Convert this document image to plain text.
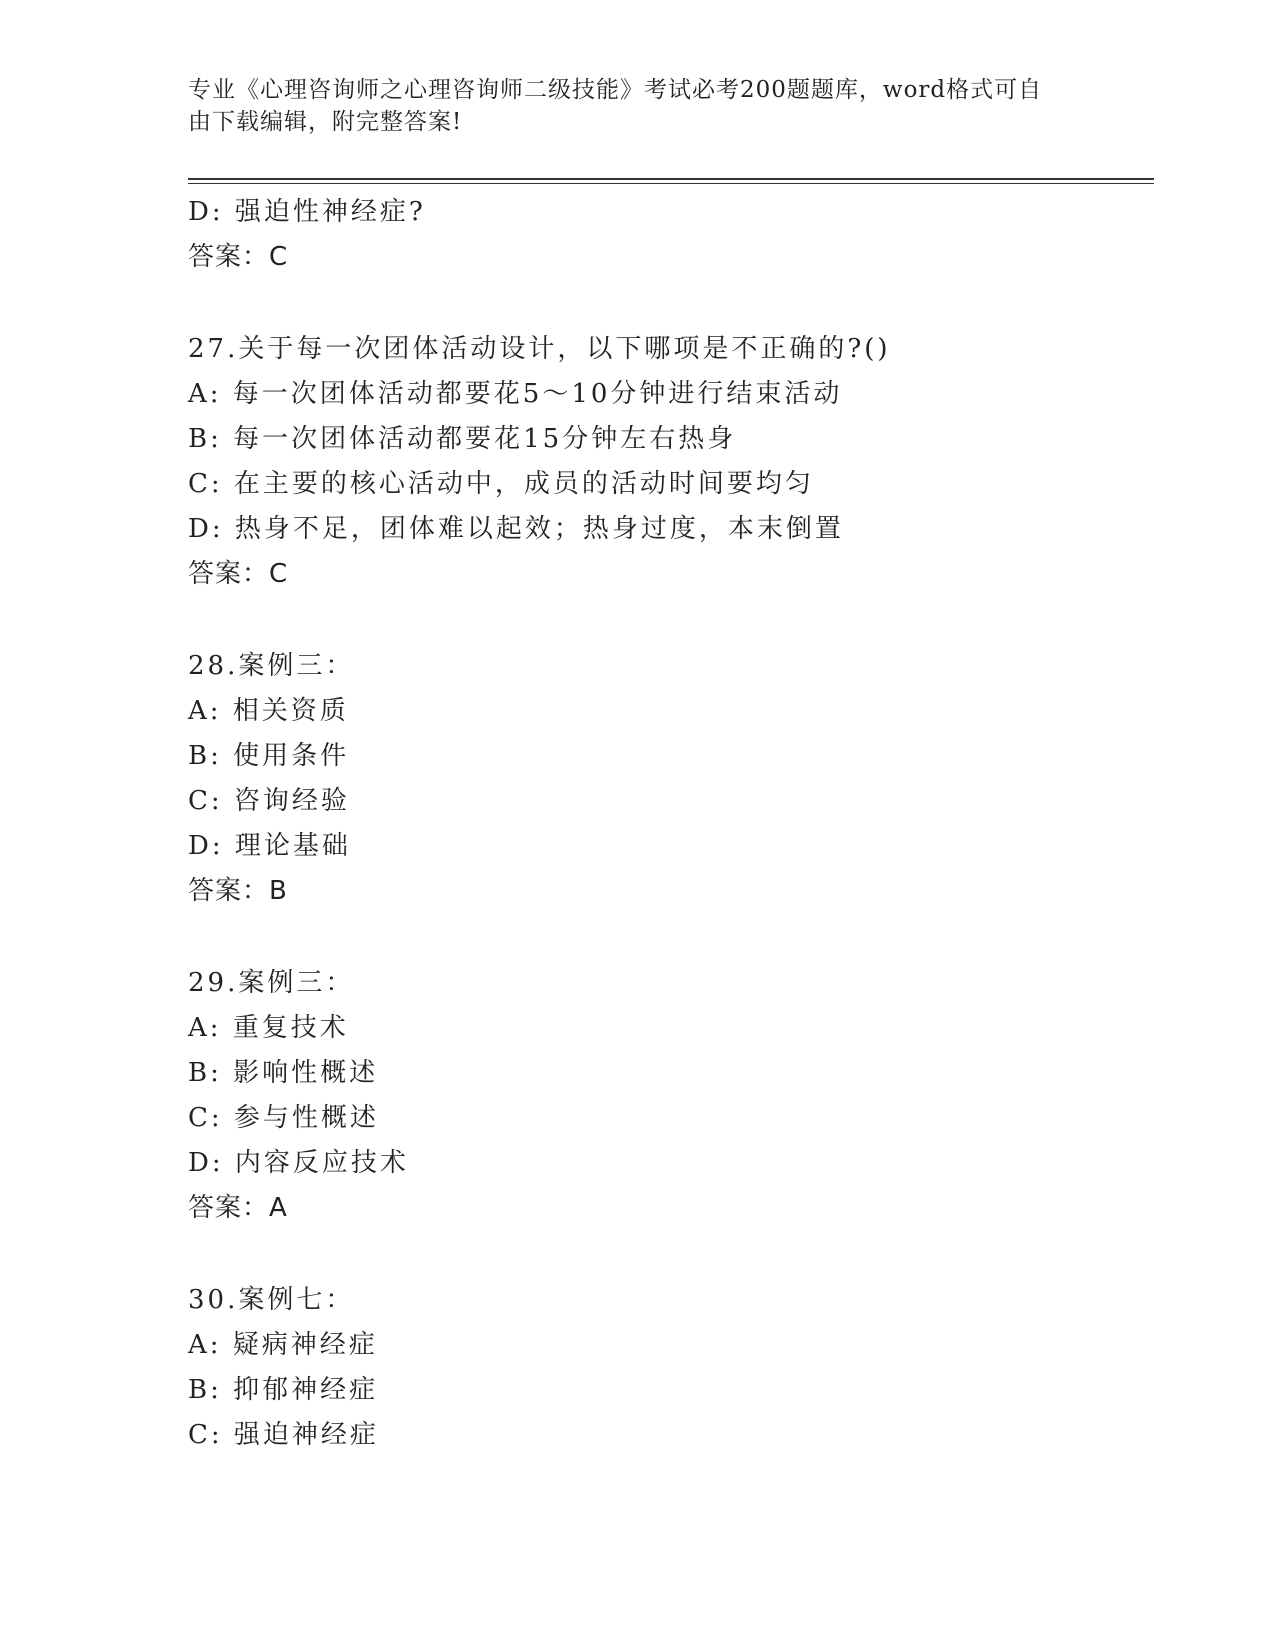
专业《心理咨询师之心理咨询师二级技能》考试必考200题题库，word格式可自
由下载编辑，附完整答案!
D: 强迫性神经症?
答案：C
27.关于每一次团体活动设计，以下哪项是不正确的?()
A: 每一次团体活动都要花5～10分钟进行结束活动
B: 每一次团体活动都要花15分钟左右热身
C: 在主要的核心活动中，成员的活动时间要均匀
D: 热身不足，团体难以起效；热身过度，本末倒置
答案：C
28.案例三：
A: 相关资质
B: 使用条件
C: 咨询经验
D: 理论基础
答案：B
29.案例三：
A: 重复技术
B: 影响性概述
C: 参与性概述
D: 内容反应技术
答案：A
30.案例七：
A: 疑病神经症
B: 抑郁神经症
C: 强迫神经症
